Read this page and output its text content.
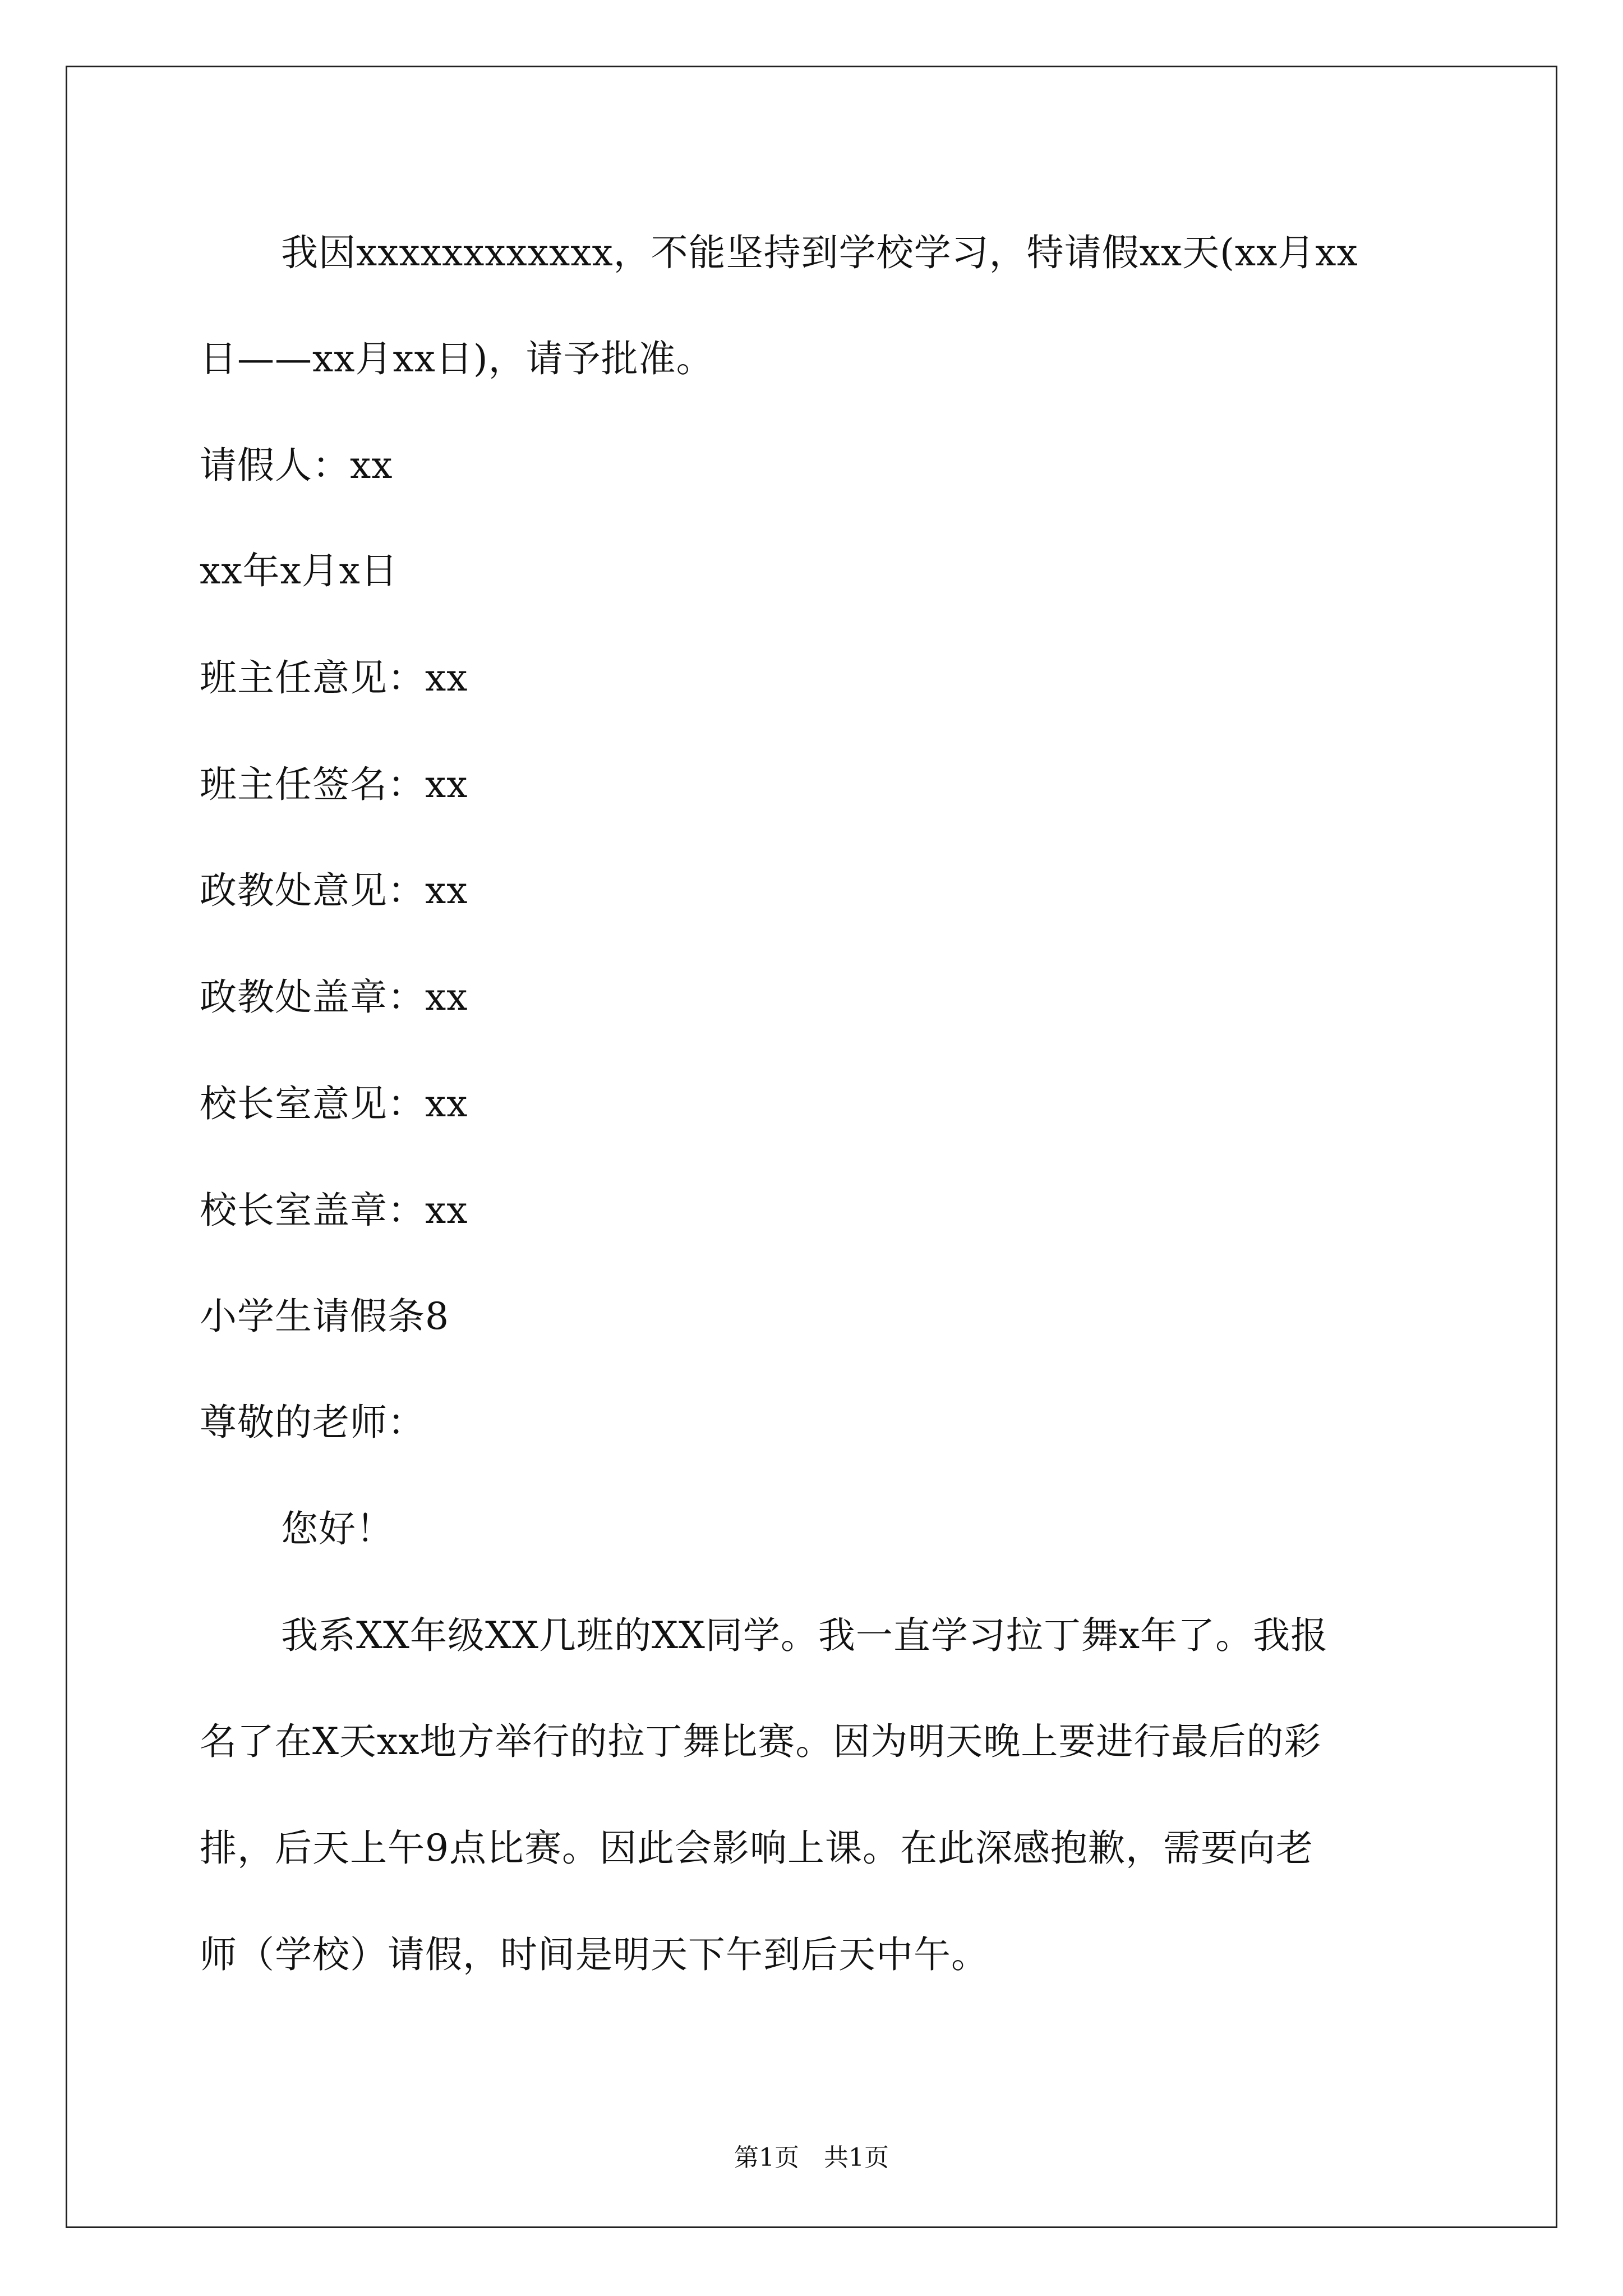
我因xxxxxxxxxxxx，不能坚持到学校学习，特请假xx天(xx月xx
日——xx月xx日)，请予批准。
请假人：xx
xx年x月x日
班主任意见：xx
班主任签名：xx
政教处意见：xx
政教处盖章：xx
校长室意见：xx
校长室盖章：xx
小学生请假条8
尊敬的老师：
您好！
我系XX年级XX几班的XX同学。我一直学习拉丁舞x年了。我报
名了在X天xx地方举行的拉丁舞比赛。因为明天晚上要进行最后的彩
排，后天上午9点比赛。因此会影响上课。在此深感抱歉，需要向老
师（学校）请假，时间是明天下午到后天中午。
第1页　共1页
